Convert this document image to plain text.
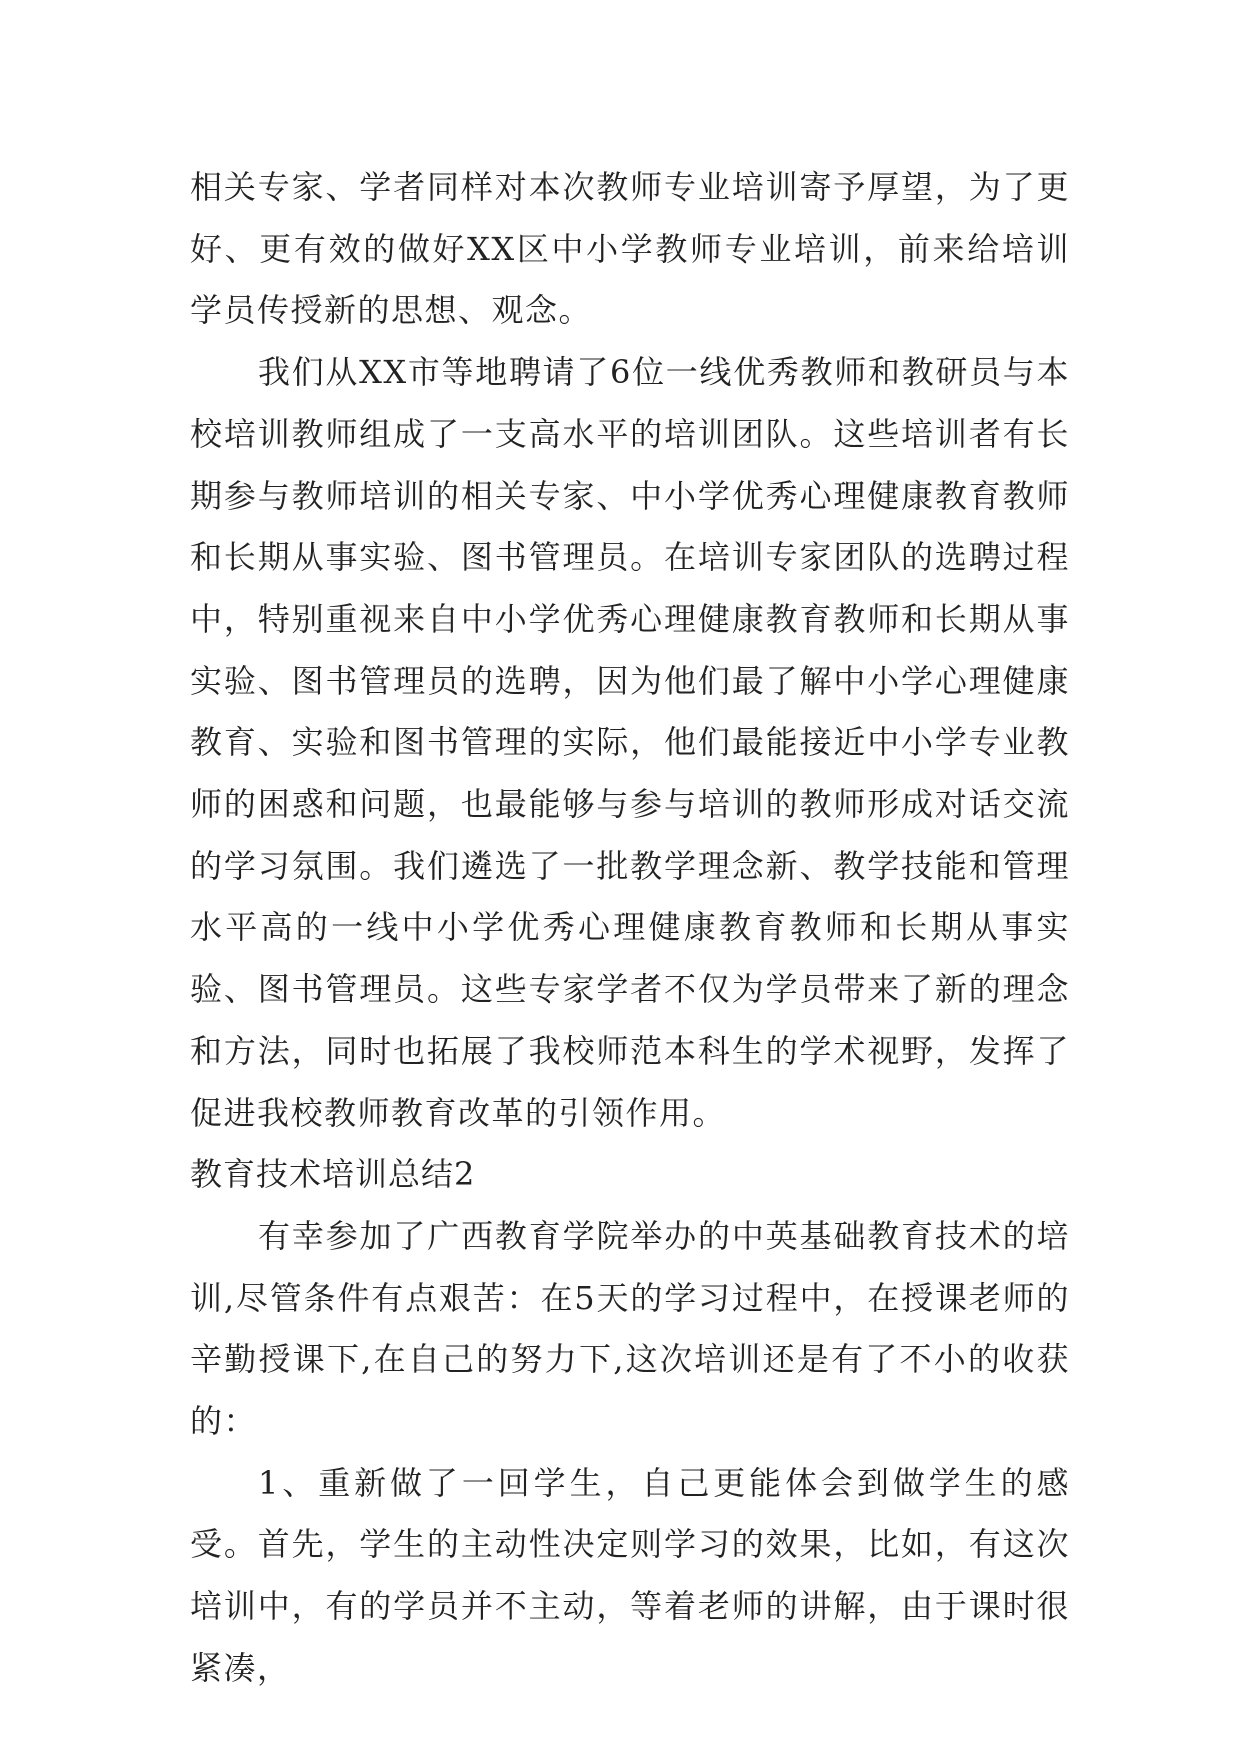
相关专家、学者同样对本次教师专业培训寄予厚望，为了更好、更有效的做好XX区中小学教师专业培训，前来给培训学员传授新的思想、观念。

我们从XX市等地聘请了6位一线优秀教师和教研员与本校培训教师组成了一支高水平的培训团队。这些培训者有长期参与教师培训的相关专家、中小学优秀心理健康教育教师和长期从事实验、图书管理员。在培训专家团队的选聘过程中，特别重视来自中小学优秀心理健康教育教师和长期从事实验、图书管理员的选聘，因为他们最了解中小学心理健康教育、实验和图书管理的实际，他们最能接近中小学专业教师的困惑和问题，也最能够与参与培训的教师形成对话交流的学习氛围。我们遴选了一批教学理念新、教学技能和管理水平高的一线中小学优秀心理健康教育教师和长期从事实验、图书管理员。这些专家学者不仅为学员带来了新的理念和方法，同时也拓展了我校师范本科生的学术视野，发挥了促进我校教师教育改革的引领作用。

教育技术培训总结2

有幸参加了广西教育学院举办的中英基础教育技术的培训,尽管条件有点艰苦：在5天的学习过程中，在授课老师的辛勤授课下,在自己的努力下,这次培训还是有了不小的收获的：

1、重新做了一回学生，自己更能体会到做学生的感受。首先，学生的主动性决定则学习的效果，比如，有这次培训中，有的学员并不主动，等着老师的讲解，由于课时很紧凑，
